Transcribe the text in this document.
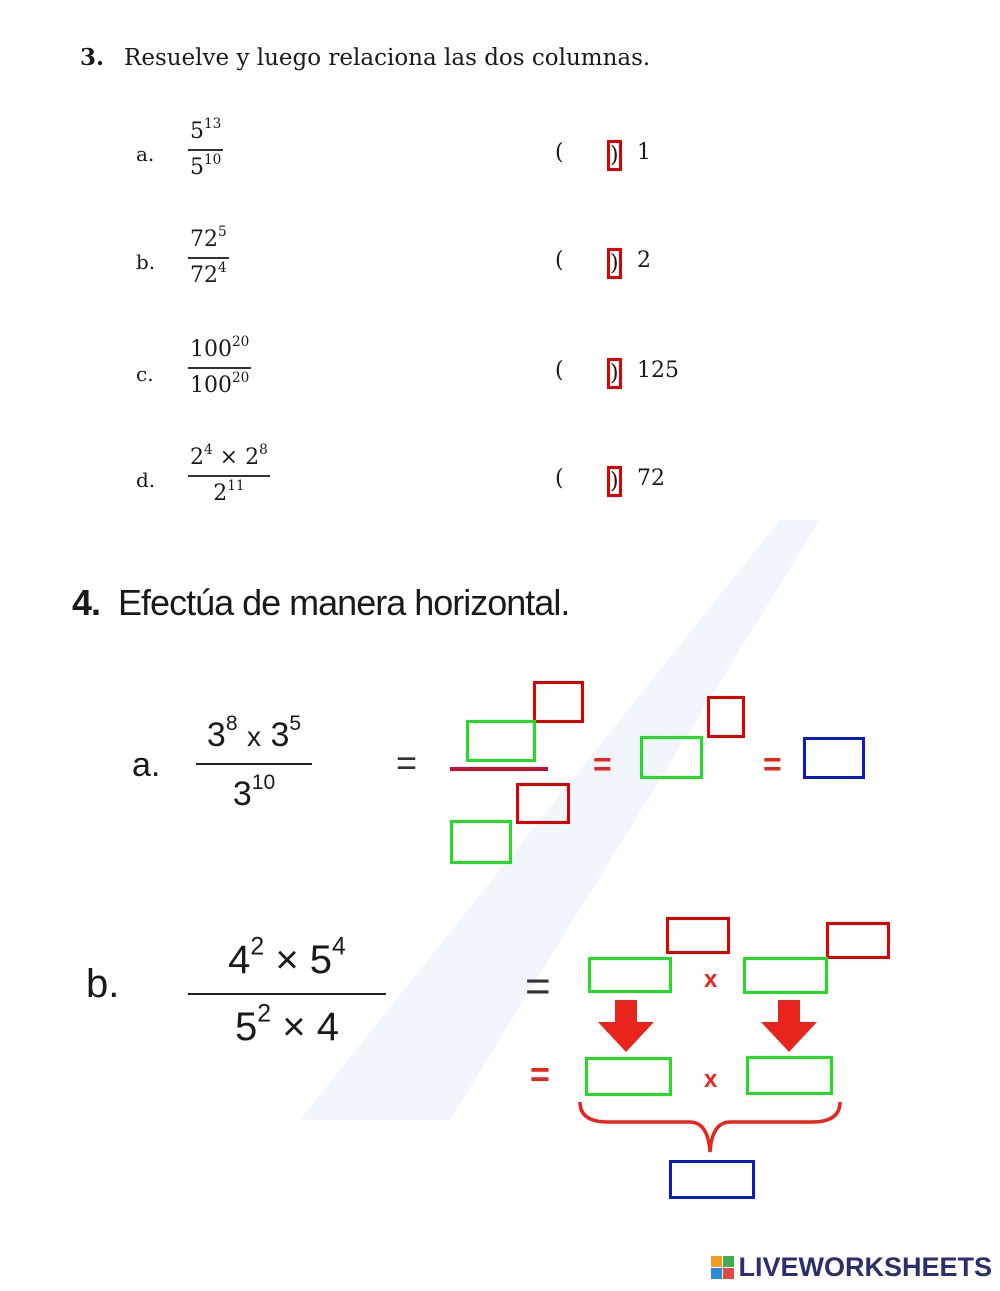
3. Resuelve y luego relaciona las dos columnas.
a. $\frac{5^{13}}{5^{10}}$	( ) 1
b. $\frac{72^5}{72^4}$	( ) 2
c. $\frac{100^{20}}{100^{20}}$	( ) 125
d. $\frac{2^4 \times 2^8}{2^{11}}$	( ) 72
4. Efectúa de manera horizontal.
a.
$3^8$ x $3^5$
$3^{10}$	=	=	=
b.
$4^2 \times 5^4$
$5^2 \times 4$
=	x
=	x
LIVEWORKSHEETS
